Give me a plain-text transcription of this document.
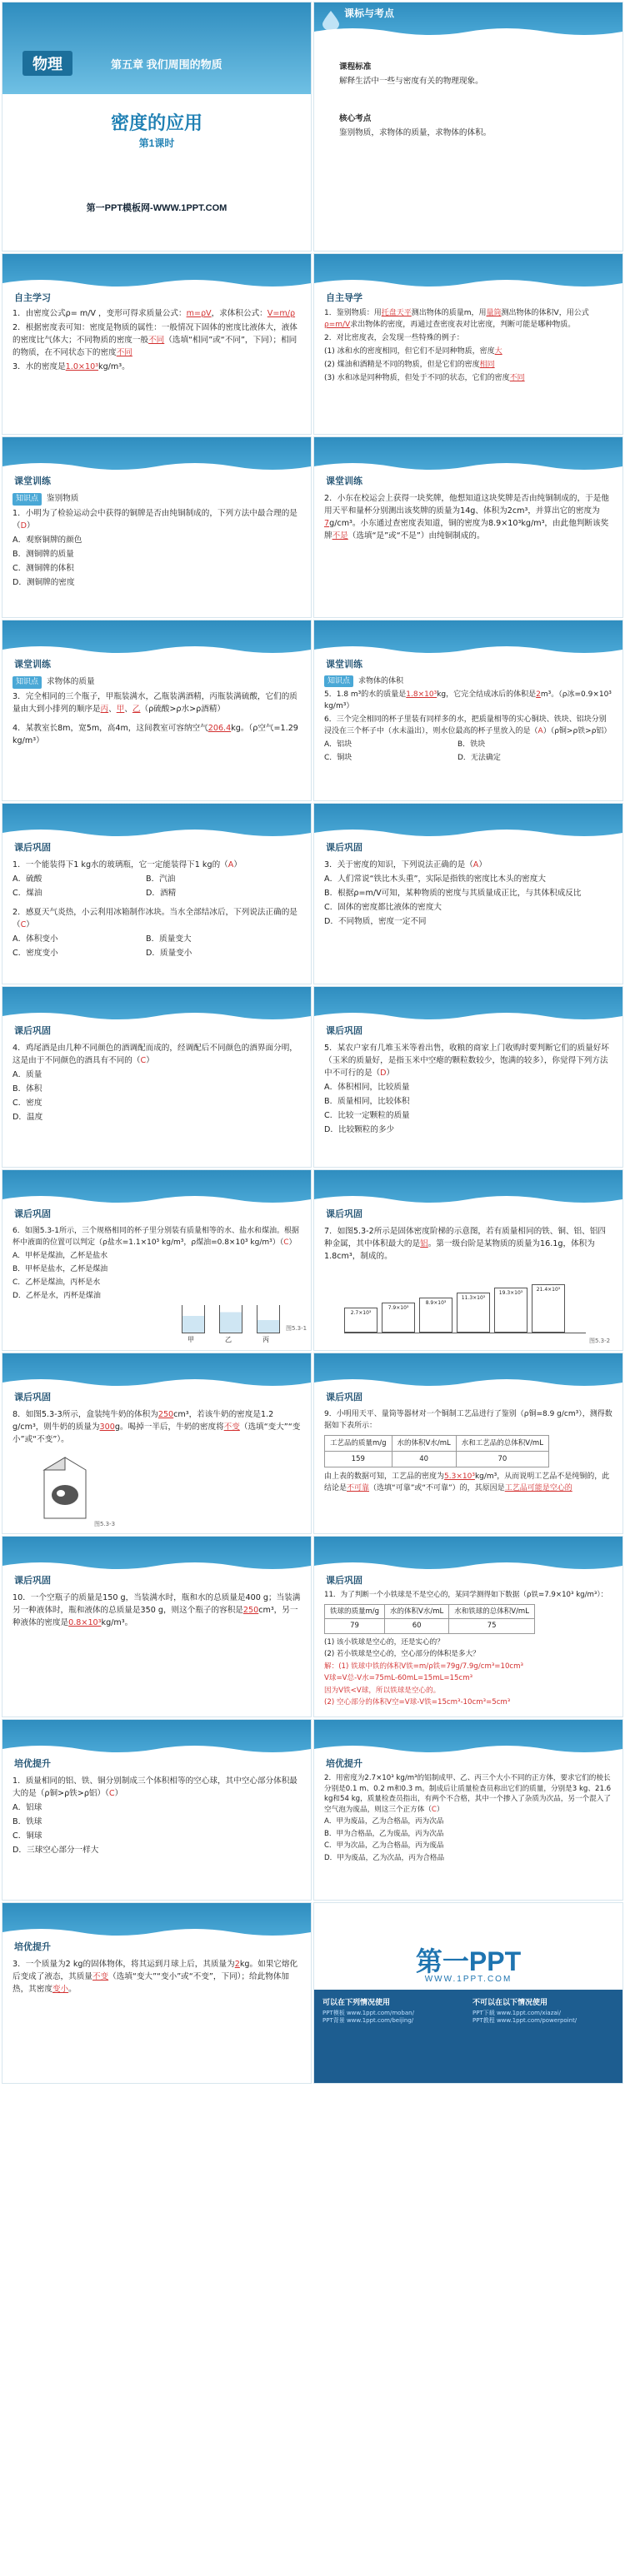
物理	第五章 我们周围的物质
密度的应用
第1课时
第一PPT模板网-WWW.1PPT.COM
课标与考点

课程标准

解释生活中一些与密度有关的物理现象。

核心考点

鉴别物质，求物体的质量，求物体的体积。

自主学习

1．由密度公式ρ= m/V ，变形可得求质量公式：m=ρV，求体积公式：V=m/ρ

2．根据密度表可知：密度是物质的属性：一般情况下固体的密度比液体大，液体的密度比气体大；不同物质的密度一般不同（选填“相同”或“不同”，下同）；相同的物质，在不同状态下的密度不同

3．水的密度是1.0×10³kg/m³。

自主导学

1．鉴别物质：用托盘天平测出物体的质量m，用量筒测出物体的体积V，用公式ρ=m/V求出物体的密度，再通过查密度表对比密度，判断可能是哪种物质。

2．对比密度表，会发现一些特殊的例子：

(1) 冰和水的密度相同，但它们不是同种物质，密度大

(2) 煤油和酒精是不同的物质，但是它们的密度相同

(3) 水和冰是同种物质，但处于不同的状态，它们的密度不同

课堂训练

知识点 鉴别物质

1．小明为了检验运动会中获得的铜牌是否由纯铜制成的，下列方法中最合理的是（D）

A．观察铜牌的颜色

B．测铜牌的质量

C．测铜牌的体积

D．测铜牌的密度

课堂训练

2．小东在校运会上获得一块奖牌，他想知道这块奖牌是否由纯铜制成的，于是他用天平和量杯分别测出该奖牌的质量为14g、体积为2cm³，并算出它的密度为7g/cm³。小东通过查密度表知道，铜的密度为8.9×10³kg/m³，由此他判断该奖牌不是（选填“是”或“不是”）由纯铜制成的。

课堂训练

知识点 求物体的质量

3．完全相同的三个瓶子，甲瓶装满水，乙瓶装满酒精，丙瓶装满硫酸，它们的质量由大到小排列的顺序是丙、甲、乙（ρ硫酸>ρ水>ρ酒精）

4．某教室长8m，宽5m，高4m，这间教室可容纳空气206.4kg。（ρ空气=1.29 kg/m³）

课堂训练

知识点 求物体的体积

5．1.8 m³的水的质量是1.8×10³kg，它完全结成冰后的体积是2m³。（ρ冰=0.9×10³ kg/m³）

6．三个完全相同的杯子里装有同样多的水，把质量相等的实心铜块、铁块、铝块分别浸没在三个杯子中（水未溢出），则水位最高的杯子里放入的是（A）（ρ铜>ρ铁>ρ铝）

A．铝块	B．铁块

C．铜块	D．无法确定

课后巩固

1．一个能装得下1 kg水的玻璃瓶，它一定能装得下1 kg的（A）

A．硫酸	B．汽油

C．煤油	D．酒精

2．感夏天气炎热，小云利用冰箱制作冰块。当水全部结冰后，下列说法正确的是（C）

A．体积变小	B．质量变大

C．密度变小	D．质量变小

课后巩固

3．关于密度的知识，下列说法正确的是（A）

A．人们常说“铁比木头重”，实际是指铁的密度比木头的密度大

B．根据ρ=m/V可知，某种物质的密度与其质量成正比，与其体积成反比

C．固体的密度都比液体的密度大

D．不同物质，密度一定不同

课后巩固

4．鸡尾酒是由几种不同颜色的酒调配而成的，经调配后不同颜色的酒界面分明，这是由于不同颜色的酒具有不同的（C）

A．质量

B．体积

C．密度

D．温度

课后巩固

5．某农户家有几堆玉米等着出售，收粮的商家上门收购时要判断它们的质量好坏（玉米的质量好，是指玉米中空瘪的颗粒数较少，饱满的较多），你觉得下列方法中不可行的是（D）

A．体积相同，比较质量

B．质量相同，比较体积

C．比较一定颗粒的质量

D．比较颗粒的多少

课后巩固

6．如图5.3-1所示，三个规格相同的杯子里分别装有质量相等的水、盐水和煤油。根据杯中液面的位置可以判定（ρ盐水=1.1×10³ kg/m³，ρ煤油=0.8×10³ kg/m³）（C）

A．甲杯是煤油，乙杯是盐水

B．甲杯是盐水，乙杯是煤油

C．乙杯是煤油，丙杯是水

D．乙杯是水，丙杯是煤油

甲	乙	丙
图5.3-1
课后巩固

7．如图5.3-2所示是固体密度阶梯的示意图，若有质量相同的铁、铜、铝、铝四种金属，其中体积最大的是铝。第一级台阶是某物质的质量为16.1g，体积为1.8cm³，制成的。

2.7×10³
7.9×10³
8.9×10³
11.3×10³
19.3×10³
21.4×10³
图5.3-2
课后巩固

8．如图5.3-3所示，盒装纯牛奶的体积为250cm³，若该牛奶的密度是1.2 g/cm³，则牛奶的质量为300g。喝掉一半后，牛奶的密度将不变（选填“变大”“变小”或“不变”）。

图5.3-3
课后巩固

9．小明用天平、量筒等器材对一个铜制工艺品进行了鉴别（ρ铜=8.9 g/cm³），测得数据如下表所示：

工艺品的质量m/g	水的体积V水/mL	水和工艺品的总体积V/mL
159	40	70

由上表的数据可知，工艺品的密度为5.3×10³kg/m³，从而说明工艺品不是纯铜的，此结论是不可靠（选填“可靠”或“不可靠”）的，其原因是工艺品可能是空心的

课后巩固

10．一个空瓶子的质量是150 g，当装满水时，瓶和水的总质量是400 g；当装满另一种液体时，瓶和液体的总质量是350 g，则这个瓶子的容积是250cm³，另一种液体的密度是0.8×10³kg/m³。

课后巩固

11．为了判断一个小铁球是不是空心的，某同学测得如下数据（ρ铁=7.9×10³ kg/m³）：

铁球的质量m/g	水的体积V水/mL	水和铁球的总体积V/mL
79	60	75

(1) 该小铁球是空心的，还是实心的？

(2) 若小铁球是空心的，空心部分的体积是多大？

解：(1) 铁球中铁的体积V铁=m/ρ铁=79g/7.9g/cm³=10cm³

V球=V总-V水=75mL-60mL=15mL=15cm³

因为V铁<V球，所以铁球是空心的。

(2) 空心部分的体积V空=V球-V铁=15cm³-10cm³=5cm³

培优提升

1．质量相同的铝、铁、铜分别制成三个体积相等的空心球，其中空心部分体积最大的是（ρ铜>ρ铁>ρ铝）（C）

A．铝球

B．铁球

C．铜球

D．三球空心部分一样大

培优提升

2．用密度为2.7×10³ kg/m³的铝制成甲、乙、丙三个大小不同的正方体，要求它们的棱长分别是0.1 m、0.2 m和0.3 m。制成后让质量检查员称出它们的质量，分别是3 kg、21.6 kg和54 kg，质量检查员指出，有两个不合格，其中一个掺入了杂质为次品，另一个混入了空气泡为废品，则这三个正方体（C）

A．甲为废品，乙为合格品，丙为次品

B．甲为合格品，乙为废品，丙为次品

C．甲为次品，乙为合格品，丙为废品

D．甲为废品，乙为次品，丙为合格品

培优提升

3．一个质量为2 kg的固体物体，将其运到月球上后，其质量为2kg。如果它熔化后变成了液态，其质量不变（选填“变大”“变小”或“不变”，下同）；给此物体加热，其密度变小。

第一PPT
WWW.1PPT.COM
可以在下列情况使用
PPT模板 www.1ppt.com/moban/
PPT背景 www.1ppt.com/beijing/
不可以在以下情况使用
PPT下载 www.1ppt.com/xiazai/
PPT教程 www.1ppt.com/powerpoint/
